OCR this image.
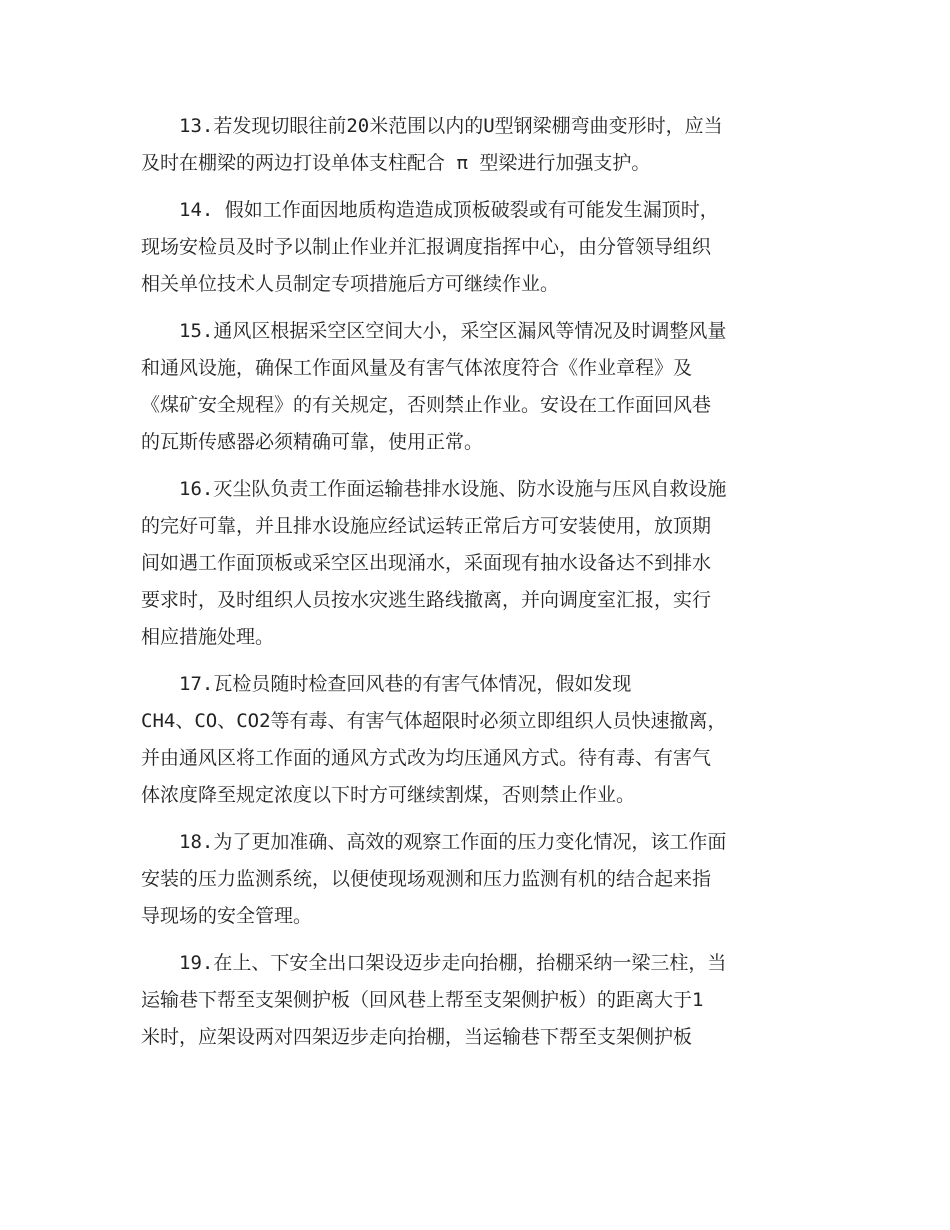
13.若发现切眼往前20米范围以内的U型钢梁棚弯曲变形时，应当
及时在棚梁的两边打设单体支柱配合 π 型梁进行加强支护。
14. 假如工作面因地质构造造成顶板破裂或有可能发生漏顶时，
现场安检员及时予以制止作业并汇报调度指挥中心，由分管领导组织
相关单位技术人员制定专项措施后方可继续作业。
15.通风区根据采空区空间大小，采空区漏风等情况及时调整风量
和通风设施，确保工作面风量及有害气体浓度符合《作业章程》及
《煤矿安全规程》的有关规定，否则禁止作业。安设在工作面回风巷
的瓦斯传感器必须精确可靠，使用正常。
16.灭尘队负责工作面运输巷排水设施、防水设施与压风自救设施
的完好可靠，并且排水设施应经试运转正常后方可安装使用，放顶期
间如遇工作面顶板或采空区出现涌水，采面现有抽水设备达不到排水
要求时，及时组织人员按水灾逃生路线撤离，并向调度室汇报，实行
相应措施处理。
17.瓦检员随时检查回风巷的有害气体情况，假如发现
CH4、CO、CO2等有毒、有害气体超限时必须立即组织人员快速撤离，
并由通风区将工作面的通风方式改为均压通风方式。待有毒、有害气
体浓度降至规定浓度以下时方可继续割煤，否则禁止作业。
18.为了更加准确、高效的观察工作面的压力变化情况，该工作面
安装的压力监测系统，以便使现场观测和压力监测有机的结合起来指
导现场的安全管理。
19.在上、下安全出口架设迈步走向抬棚，抬棚采纳一梁三柱，当
运输巷下帮至支架侧护板（回风巷上帮至支架侧护板）的距离大于1
米时，应架设两对四架迈步走向抬棚，当运输巷下帮至支架侧护板
